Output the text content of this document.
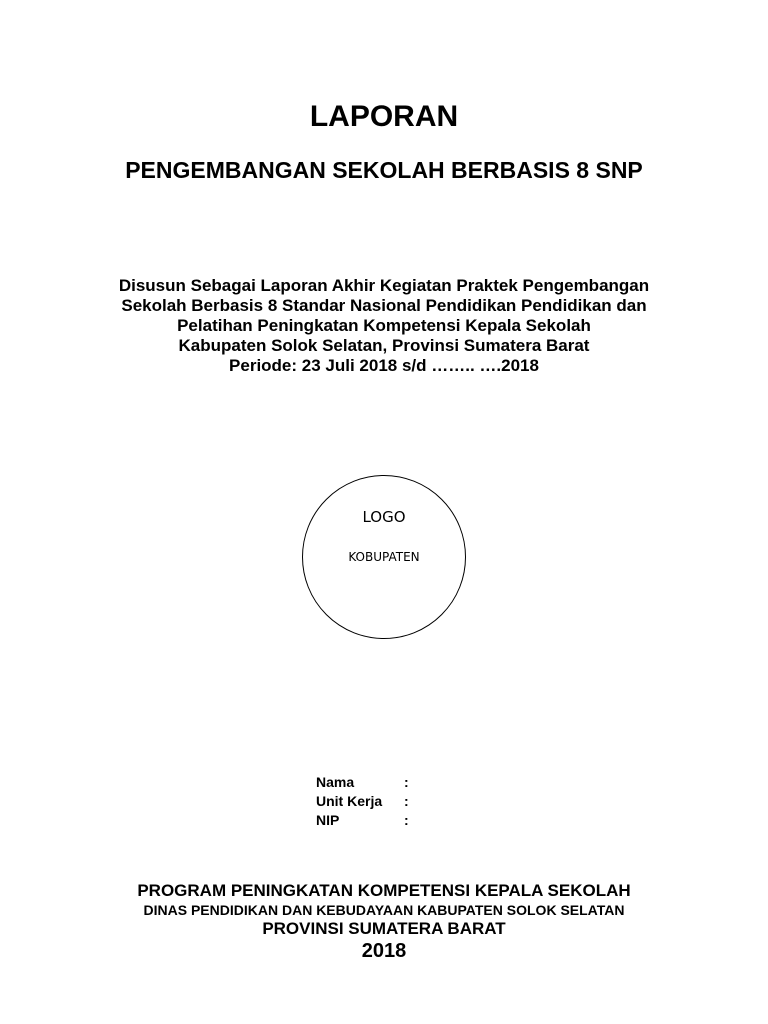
LAPORAN
PENGEMBANGAN SEKOLAH BERBASIS 8 SNP
Disusun Sebagai Laporan Akhir Kegiatan Praktek Pengembangan
Sekolah Berbasis 8 Standar Nasional Pendidikan Pendidikan dan
Pelatihan Peningkatan Kompetensi Kepala Sekolah
Kabupaten Solok Selatan, Provinsi Sumatera Barat
Periode: 23 Juli 2018 s/d …….. ….2018
LOGO
KOBUPATEN
Nama	:
Unit Kerja	:
NIP	:
PROGRAM PENINGKATAN KOMPETENSI KEPALA SEKOLAH
DINAS PENDIDIKAN DAN KEBUDAYAAN KABUPATEN SOLOK SELATAN
PROVINSI SUMATERA BARAT
2018
